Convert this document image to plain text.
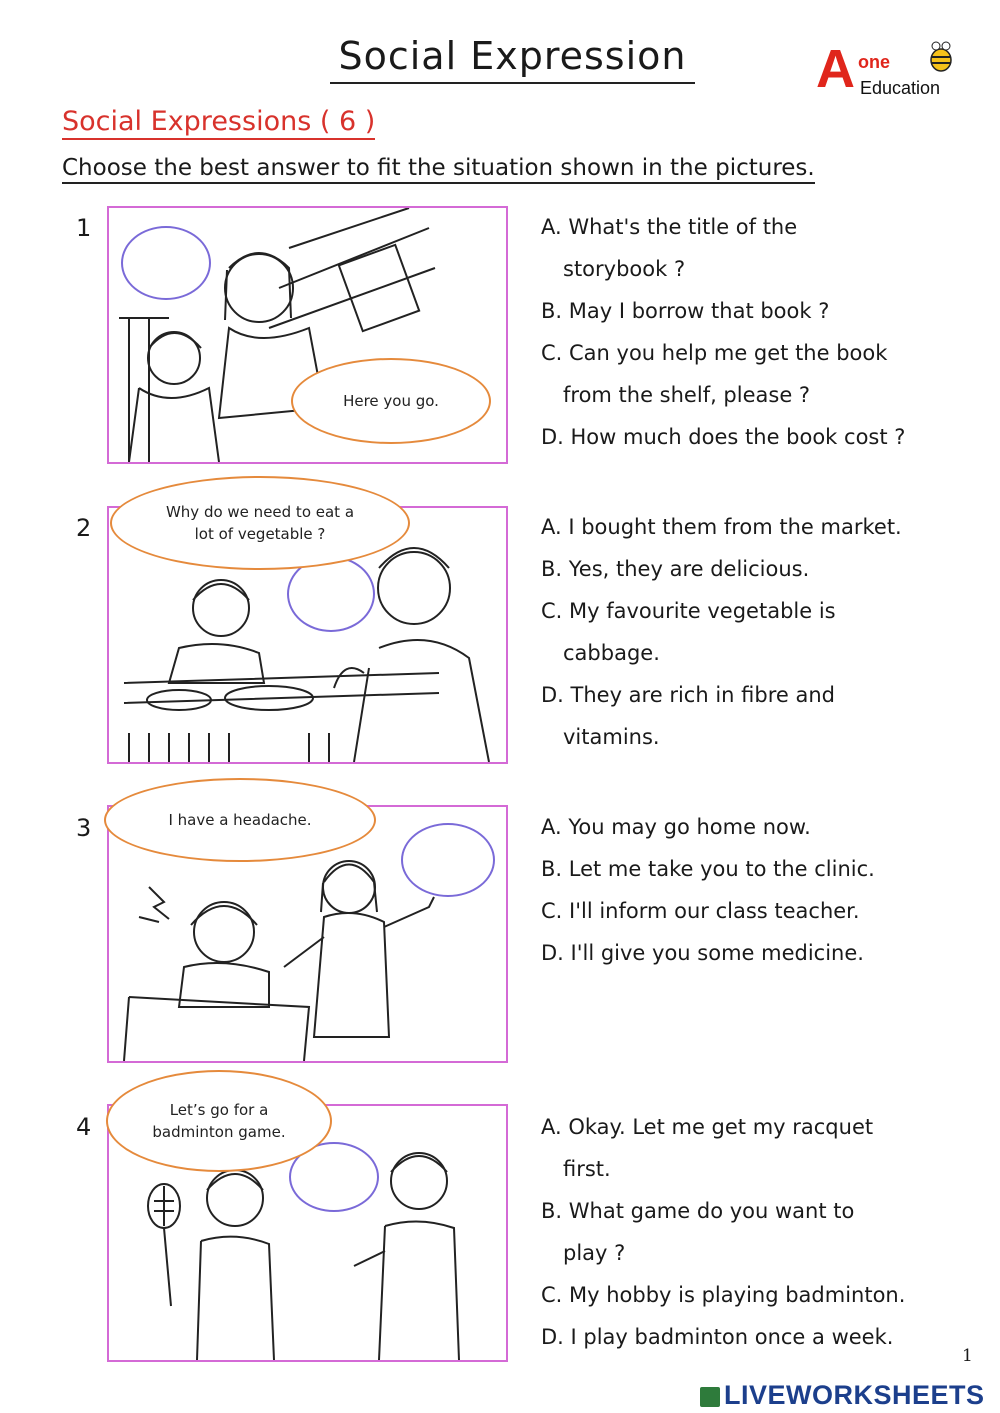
Social Expression A one
Education
Social Expressions ( 6 )
Choose the best answer to fit the situation shown in the pictures.
1
Here you go.
A. What's the title of the
storybook ?
B. May I borrow that book ?
C. Can you help me get the book
from the shelf, please ?
D. How much does the book cost ?
2
Why do we need to eat a lot of vegetable ?	A. I bought them from the market.
B. Yes, they are delicious.
C. My favourite vegetable is
cabbage.
D. They are rich in fibre and
vitamins.
3	I have a headache.	A. You may go home now.
B. Let me take you to the clinic.
C. I'll inform our class teacher.
D. I'll give you some medicine.
4
Let’s go for a badminton game.	A. Okay. Let me get my racquet
first.
B. What game do you want to
play ?
C. My hobby is playing badminton.
D. I play badminton once a week.
1
LIVEWORKSHEETS
